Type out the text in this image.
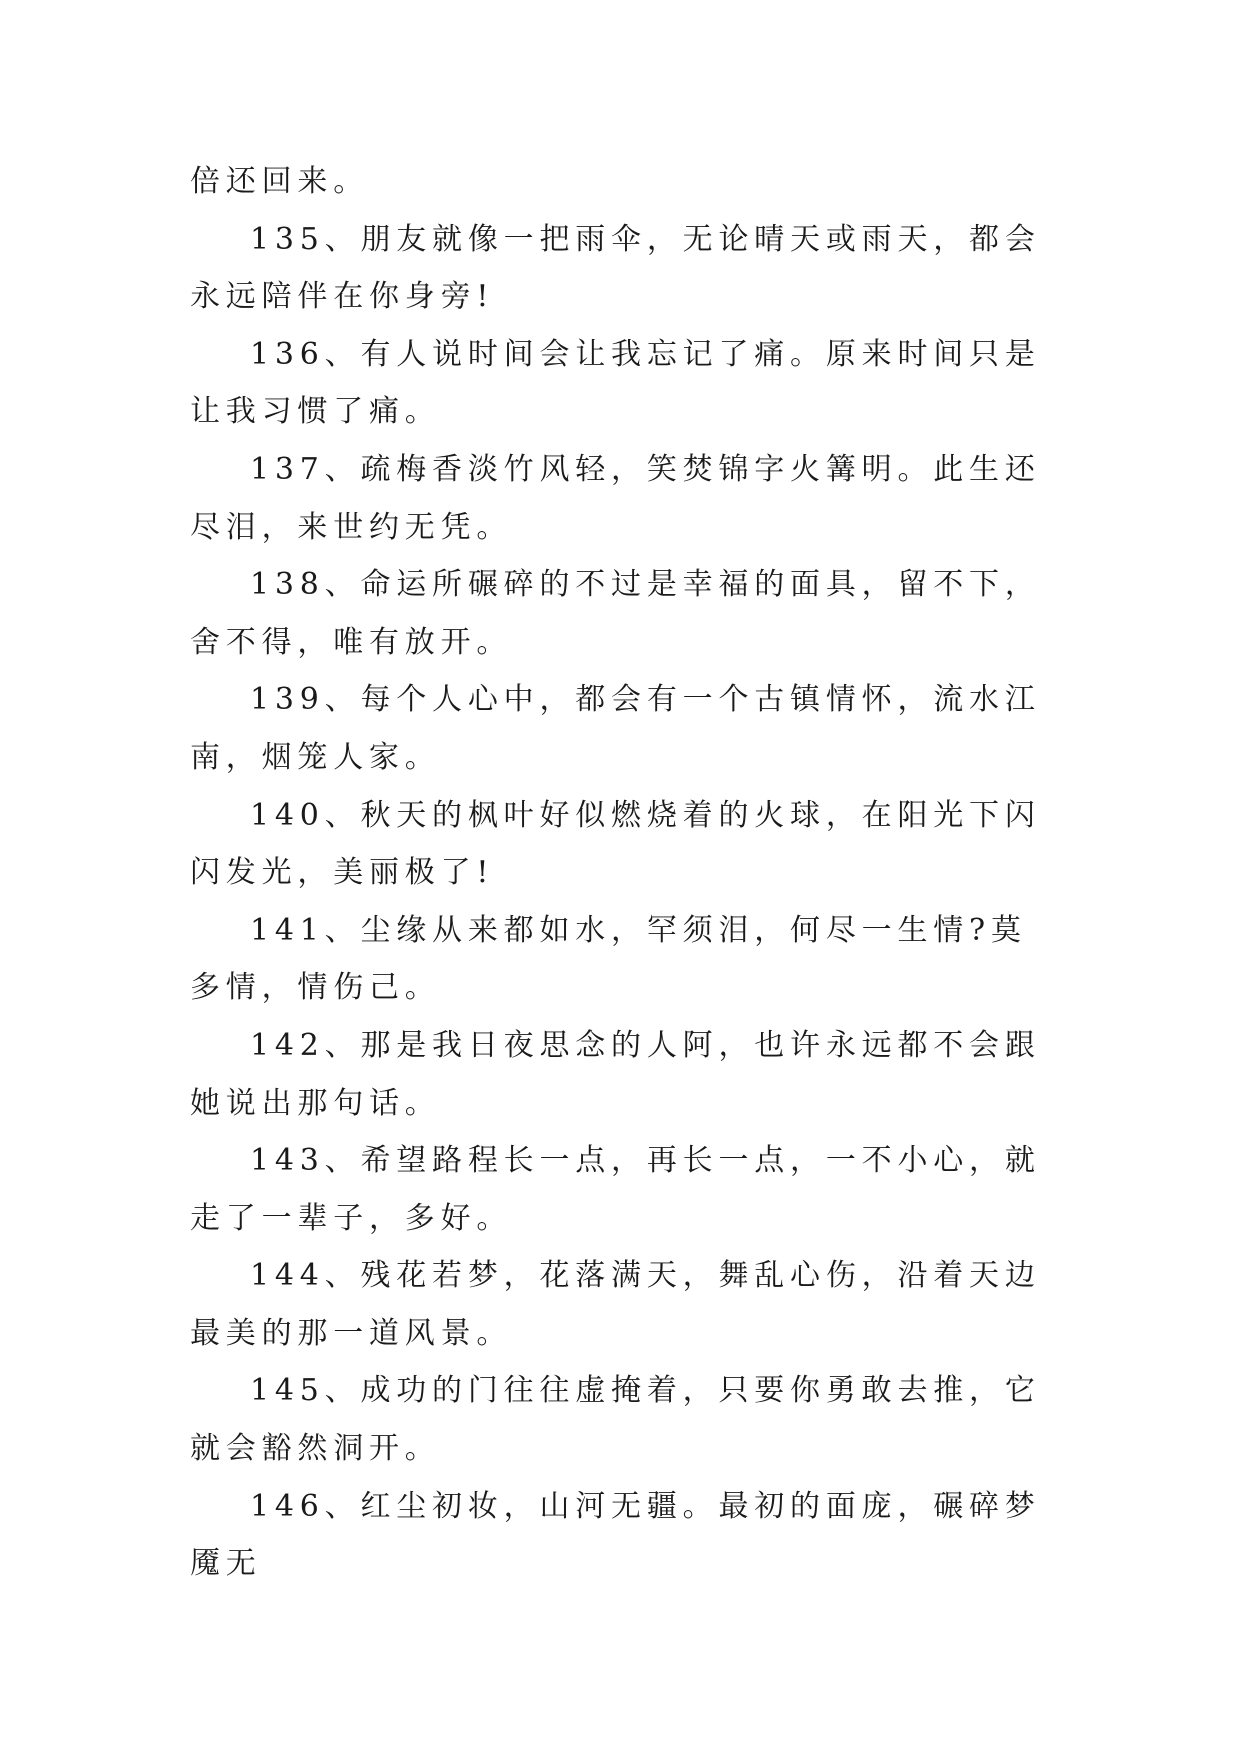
倍还回来。

135、朋友就像一把雨伞，无论晴天或雨天，都会永远陪伴在你身旁!

136、有人说时间会让我忘记了痛。原来时间只是让我习惯了痛。

137、疏梅香淡竹风轻，笑焚锦字火篝明。此生还尽泪，来世约无凭。

138、命运所碾碎的不过是幸福的面具，留不下，舍不得，唯有放开。

139、每个人心中，都会有一个古镇情怀，流水江南，烟笼人家。

140、秋天的枫叶好似燃烧着的火球，在阳光下闪闪发光，美丽极了!

141、尘缘从来都如水，罕须泪，何尽一生情?莫多情，情伤己。

142、那是我日夜思念的人阿，也许永远都不会跟她说出那句话。

143、希望路程长一点，再长一点，一不小心，就走了一辈子，多好。

144、残花若梦，花落满天，舞乱心伤，沿着天边最美的那一道风景。

145、成功的门往往虚掩着，只要你勇敢去推，它就会豁然洞开。

146、红尘初妆，山河无疆。最初的面庞，碾碎梦魇无
